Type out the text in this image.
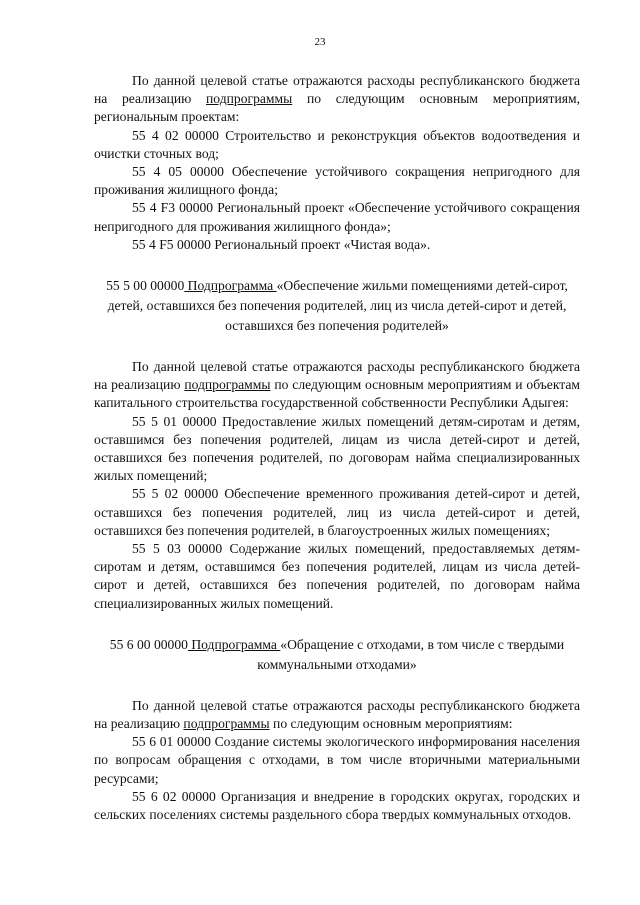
23

По данной целевой статье отражаются расходы республиканского бюджета на реализацию подпрограммы по следующим основным мероприятиям, региональным проектам:

55 4 02 00000 Строительство и реконструкция объектов водоотведения и очистки сточных вод;

55 4 05 00000 Обеспечение устойчивого сокращения непригодного для проживания жилищного фонда;

55 4 F3 00000 Региональный проект «Обеспечение устойчивого сокращения непригодного для проживания жилищного фонда»;

55 4 F5 00000 Региональный проект «Чистая вода».

55 5 00 00000 Подпрограмма «Обеспечение жильми помещениями детей-сирот, детей, оставшихся без попечения родителей, лиц из числа детей-сирот и детей, оставшихся без попечения родителей»

По данной целевой статье отражаются расходы республиканского бюджета на реализацию подпрограммы по следующим основным мероприятиям и объектам капитального строительства государственной собственности Республики Адыгея:

55 5 01 00000 Предоставление жилых помещений детям-сиротам и детям, оставшимся без попечения родителей, лицам из числа детей-сирот и детей, оставшихся без попечения родителей, по договорам найма специализированных жилых помещений;

55 5 02 00000 Обеспечение временного проживания детей-сирот и детей, оставшихся без попечения родителей, лиц из числа детей-сирот и детей, оставшихся без попечения родителей, в благоустроенных жилых помещениях;

55 5 03 00000 Содержание жилых помещений, предоставляемых детям-сиротам и детям, оставшимся без попечения родителей, лицам из числа детей-сирот и детей, оставшихся без попечения родителей, по договорам найма специализированных жилых помещений.

55 6 00 00000 Подпрограмма «Обращение с отходами, в том числе с твердыми коммунальными отходами»

По данной целевой статье отражаются расходы республиканского бюджета на реализацию подпрограммы по следующим основным мероприятиям:

55 6 01 00000 Создание системы экологического информирования населения по вопросам обращения с отходами, в том числе вторичными материальными ресурсами;

55 6 02 00000 Организация и внедрение в городских округах, городских и сельских поселениях системы раздельного сбора твердых коммунальных отходов.
